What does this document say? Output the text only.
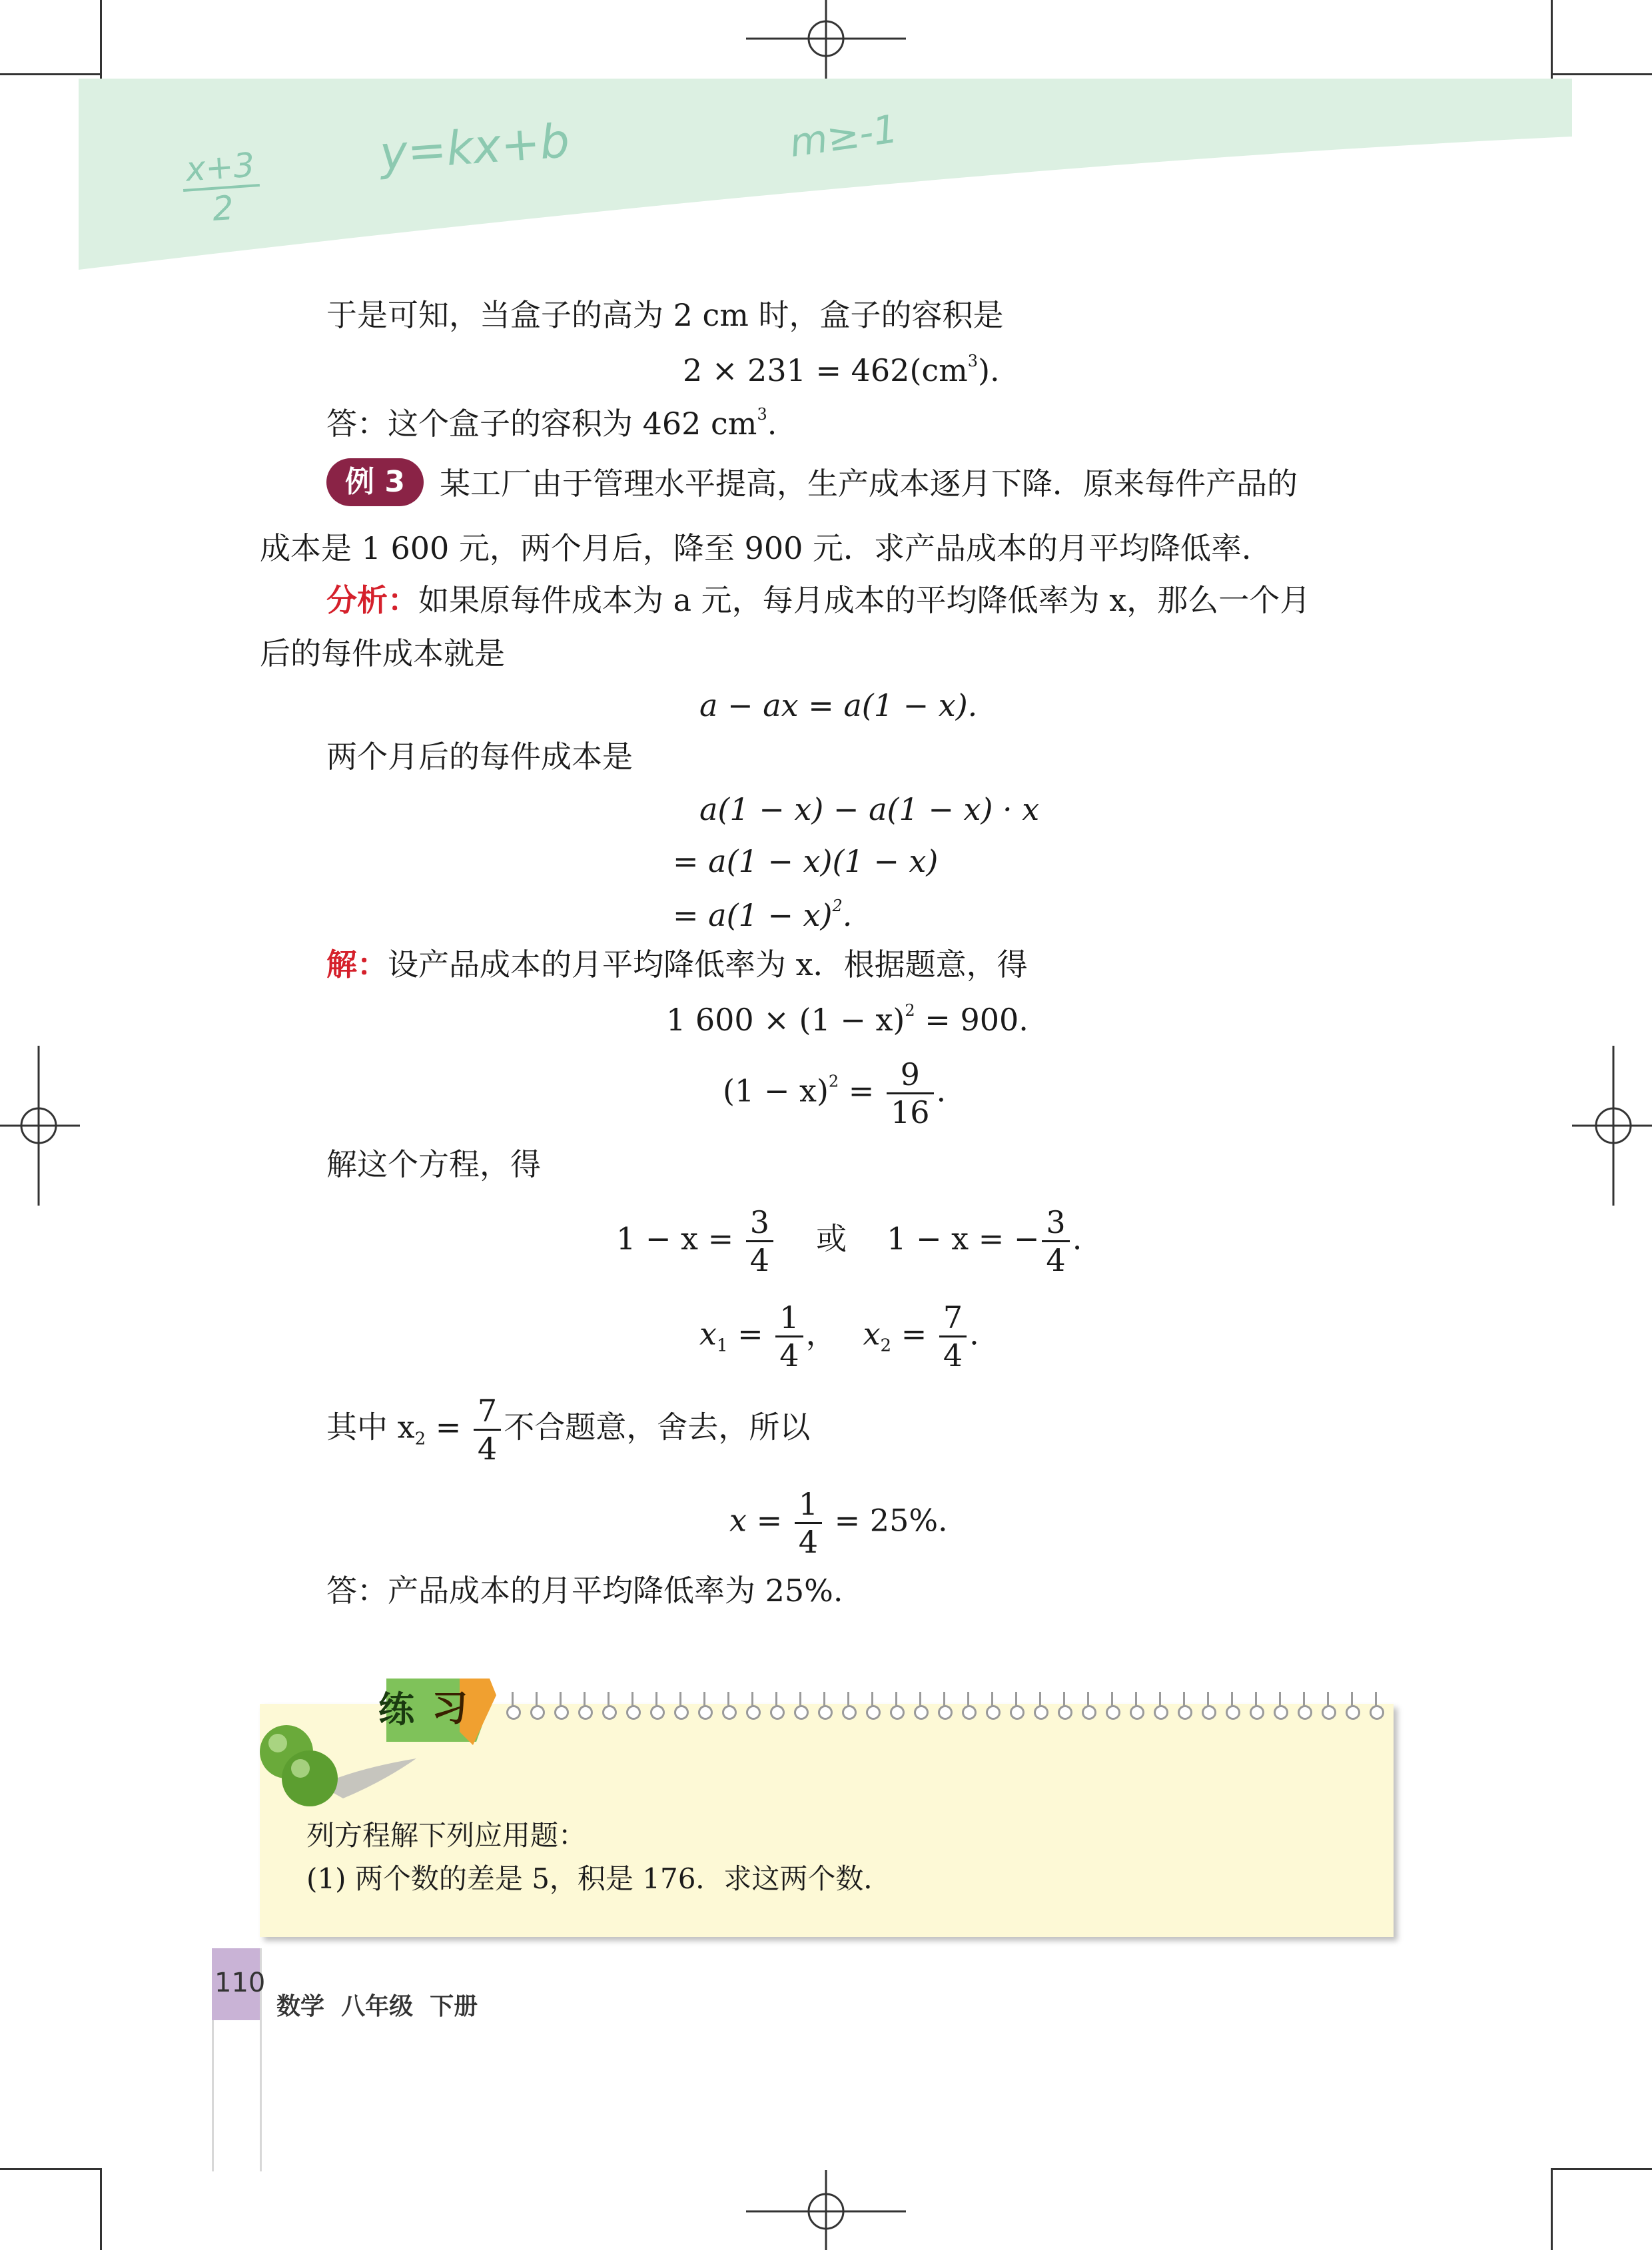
x+3
2
y=kx+b	m≥-1
于是可知，当盒子的高为 2 cm 时，盒子的容积是
$2 \times 231 = 462(cm^3)$.
答：这个盒子的容积为 462 $cm^3$.
例 3	某工厂由于管理水平提高，生产成本逐月下降．原来每件产品的
成本是 1 600 元，两个月后，降至 900 元．求产品成本的月平均降低率．
分析：如果原每件成本为 a 元，每月成本的平均降低率为 x，那么一个月
后的每件成本就是
a − ax = a(1 − x).
两个月后的每件成本是
a(1 − x) − a(1 − x) · x
= a(1 − x)(1 − x)
= $a(1 - x)^2$.
解：设产品成本的月平均降低率为 x．根据题意，得
1 $600 \times (1 - x)^2 = 900$.
$(1 - x)^2 = \frac{9}{16}$ .
解这个方程，得
$1 - x = \frac{3}{4}$ 或 1 − x = − $\frac{3}{4}$ .
$x_1 = \frac{1}{4}$ ， $x_2 = \frac{7}{4}$ .
其中 $x_2 = \frac{7}{4}$ 不合题意，舍去，所以
$x = \frac{1}{4} = 25\%$.
答：产品成本的月平均降低率为 25%.
练 习
列方程解下列应用题：
(1) 两个数的差是 5，积是 176．求这两个数．
110
数学  八年级  下册
